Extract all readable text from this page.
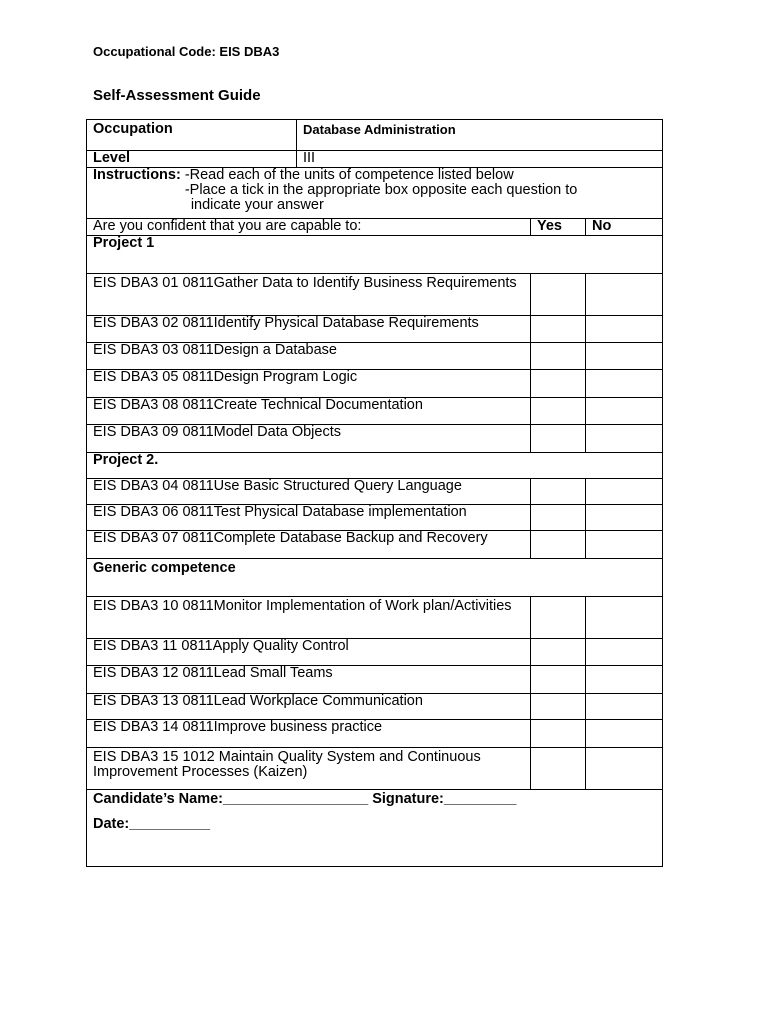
Occupational Code: EIS DBA3
Self-Assessment Guide
Occupation	Database Administration		
Level	III		

Instructions: -Read each of the units of competence listed below
-Place a tick in the appropriate box opposite each question to
indicate your answer			

Are you confident that you are capable to:		Yes	No
Project 1			
EIS DBA3 01 0811Gather Data to Identify Business Requirements			
EIS DBA3 02 0811Identify Physical Database Requirements			
EIS DBA3 03 0811Design a Database			
EIS DBA3 05 0811Design Program Logic			
EIS DBA3 08 0811Create Technical Documentation			
EIS DBA3 09 0811Model Data Objects			
Project 2.			
EIS DBA3 04 0811Use Basic Structured Query Language			
EIS DBA3 06 0811Test Physical Database implementation			
EIS DBA3 07 0811Complete Database Backup and Recovery			
Generic competence			
EIS DBA3 10 0811Monitor Implementation of Work plan/Activities			
EIS DBA3 11 0811Apply Quality Control			
EIS DBA3 12 0811Lead Small Teams			
EIS DBA3 13 0811Lead Workplace Communication			
EIS DBA3 14 0811Improve business practice			
EIS DBA3 15 1012 Maintain Quality System and Continuous Improvement Processes (Kaizen)			

Candidate’s Name:__________________ Signature:_________
Date:__________			
